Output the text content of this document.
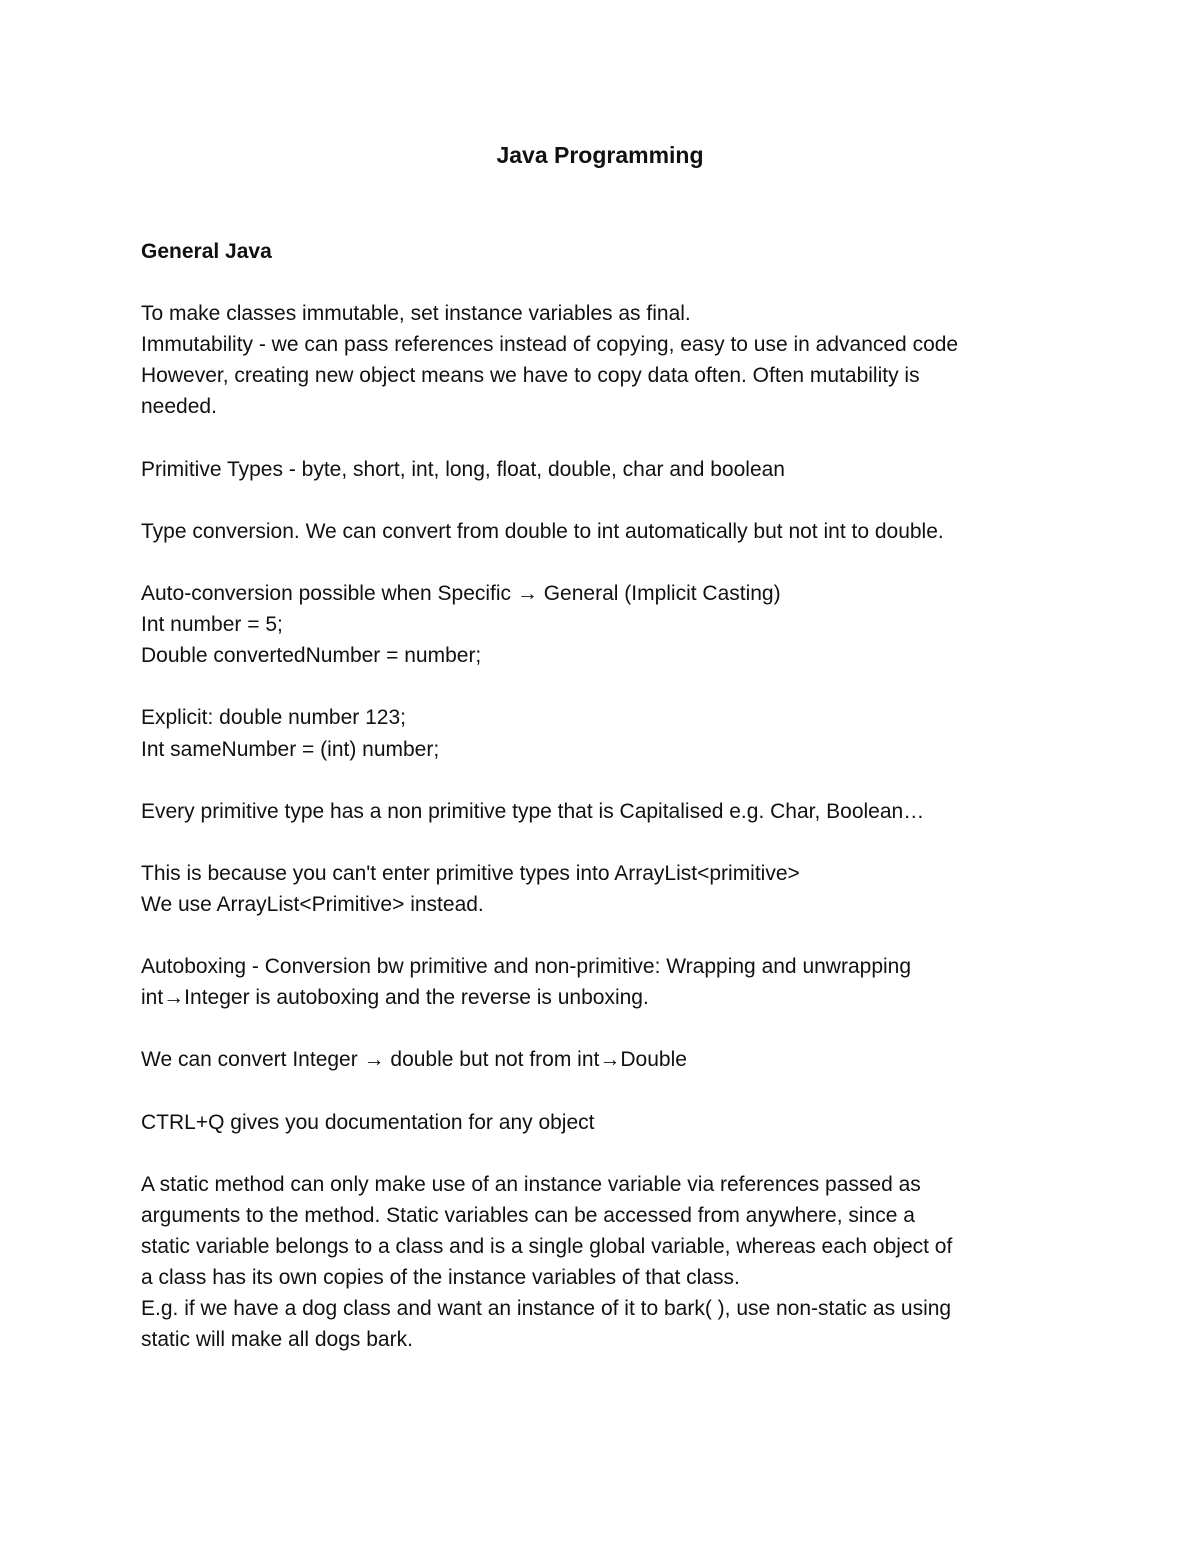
Java Programming

General Java

To make classes immutable, set instance variables as final.

Immutability - we can pass references instead of copying, easy to use in advanced code

However, creating new object means we have to copy data often. Often mutability is

needed.

Primitive Types - byte, short, int, long, float, double, char and boolean

Type conversion. We can convert from double to int automatically but not int to double.

Auto-conversion possible when Specific → General (Implicit Casting)

Int number = 5;

Double convertedNumber = number;

Explicit: double number 123;

Int sameNumber = (int) number;

Every primitive type has a non primitive type that is Capitalised e.g. Char, Boolean…

This is because you can't enter primitive types into ArrayList<primitive>

We use ArrayList<Primitive> instead.

Autoboxing - Conversion bw primitive and non-primitive: Wrapping and unwrapping

int→Integer is autoboxing and the reverse is unboxing.

We can convert Integer → double but not from int→Double

CTRL+Q gives you documentation for any object

A static method can only make use of an instance variable via references passed as

arguments to the method. Static variables can be accessed from anywhere, since a

static variable belongs to a class and is a single global variable, whereas each object of

a class has its own copies of the instance variables of that class.

E.g. if we have a dog class and want an instance of it to bark( ), use non-static as using

static will make all dogs bark.
